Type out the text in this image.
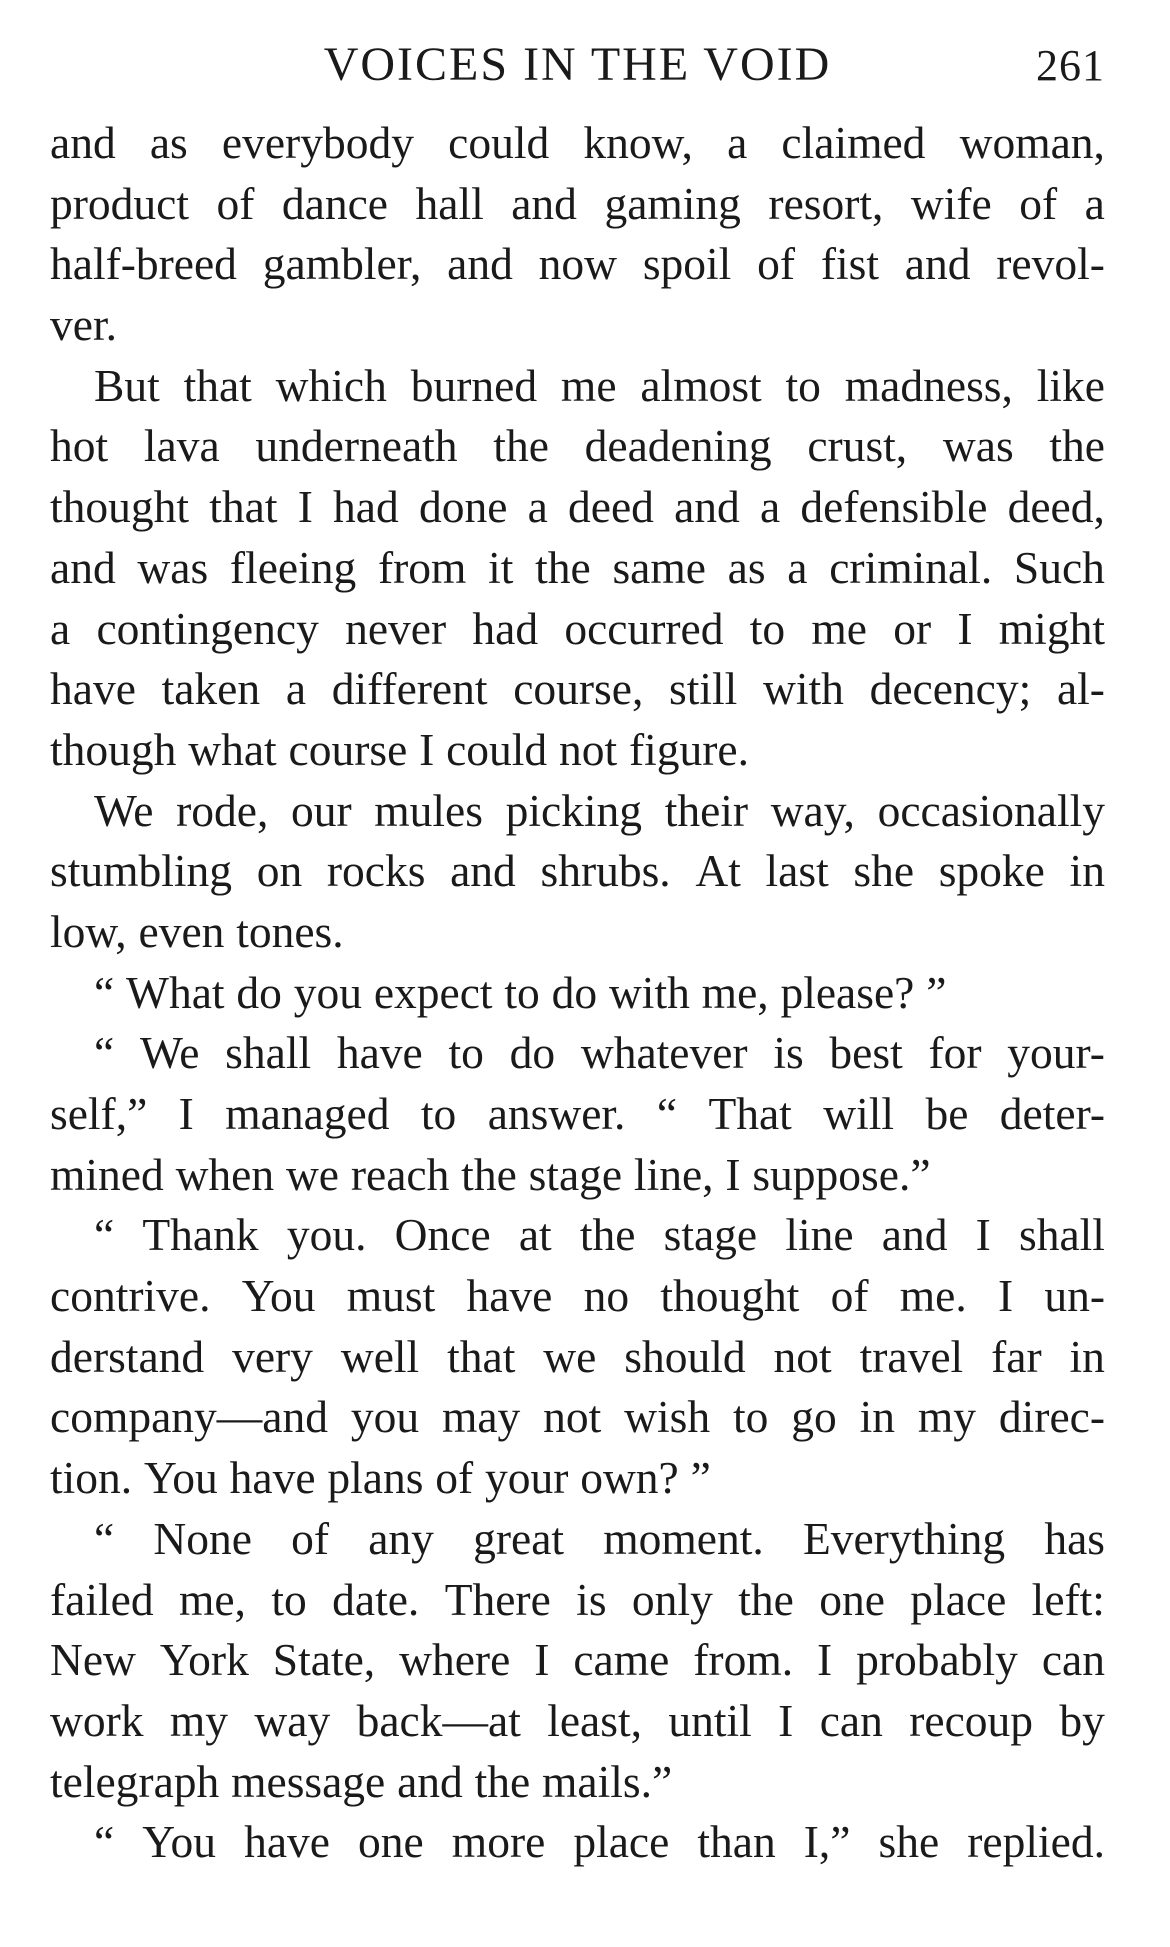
VOICES IN THE VOID	261
and as everybody could know, a claimed woman,
product of dance hall and gaming resort, wife of a
half-breed gambler, and now spoil of fist and revol-
ver.
But that which burned me almost to madness, like
hot lava underneath the deadening crust, was the
thought that I had done a deed and a defensible deed,
and was fleeing from it the same as a criminal. Such
a contingency never had occurred to me or I might
have taken a different course, still with decency; al-
though what course I could not figure.
We rode, our mules picking their way, occasionally
stumbling on rocks and shrubs. At last she spoke in
low, even tones.
“ What do you expect to do with me, please? ”
“ We shall have to do whatever is best for your-
self,” I managed to answer. “ That will be deter-
mined when we reach the stage line, I suppose.”
“ Thank you. Once at the stage line and I shall
contrive. You must have no thought of me. I un-
derstand very well that we should not travel far in
company—and you may not wish to go in my direc-
tion. You have plans of your own? ”
“ None of any great moment. Everything has
failed me, to date. There is only the one place left:
New York State, where I came from. I probably can
work my way back—at least, until I can recoup by
telegraph message and the mails.”
“ You have one more place than I,” she replied.
